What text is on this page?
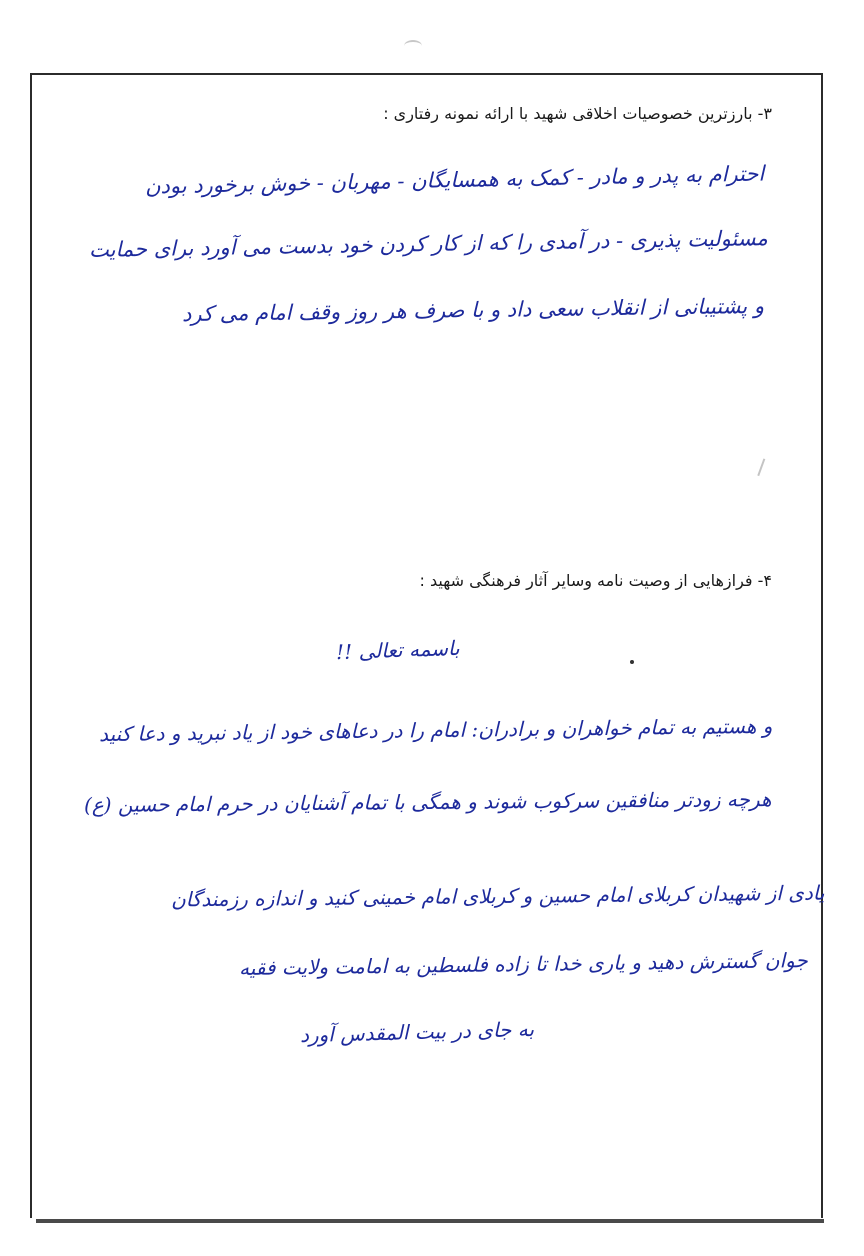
۳- بارزترین خصوصیات اخلاقی شهید با ارائه نمونه رفتاری :
احترام به پدر و مادر - کمک به همسایگان - مهربان - خوش برخورد بودن
مسئولیت پذیری - در آمدی را که از کار کردن خود بدست می آورد برای حمایت
و پشتیبانی از انقلاب سعی داد و با صرف هر روز وقف امام می کرد
۴- فرازهایی از وصیت نامه وسایر آثار فرهنگی شهید :
باسمه تعالی !!
و هستیم به تمام خواهران و برادران: امام را در دعاهای خود از یاد نبرید و دعا کنید
هرچه زودتر منافقین سرکوب شوند و همگی با تمام آشنایان در حرم امام حسین (ع)
یادی از شهیدان کربلای امام حسین و کربلای امام خمینی کنید و اندازه رزمندگان
جوان گسترش دهید و یاری خدا تا زاده فلسطین به امامت ولایت فقیه
به جای در بیت المقدس آورد
